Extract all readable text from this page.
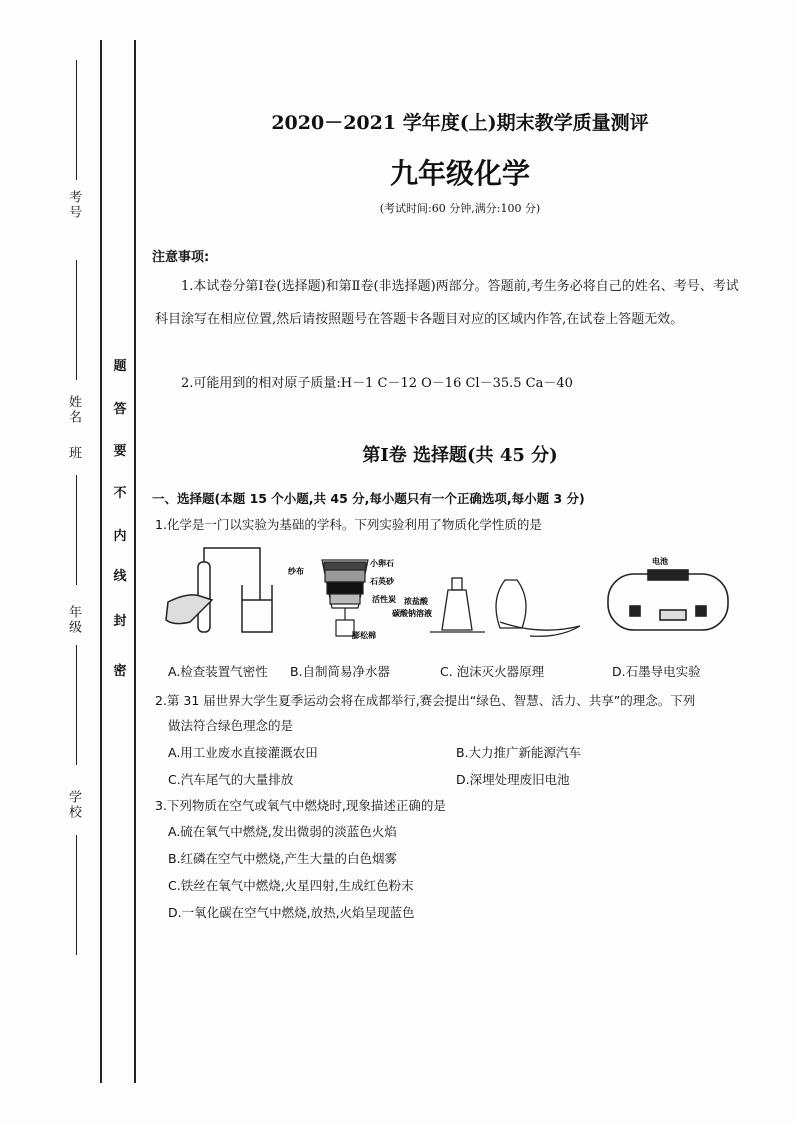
考号
姓名
班
年级
学校
密
封
线
内
不
要
答
题
2020－2021 学年度(上)期末教学质量测评
九年级化学
(考试时间:60 分钟,满分:100 分)
注意事项:
1.本试卷分第Ⅰ卷(选择题)和第Ⅱ卷(非选择题)两部分。答题前,考生务必将自己的姓名、考号、考试科目涂写在相应位置,然后请按照题号在答题卡各题目对应的区域内作答,在试卷上答题无效。
2.可能用到的相对原子质量:H－1 C－12 O－16 Cl－35.5 Ca－40
第Ⅰ卷 选择题(共 45 分)
一、选择题(本题 15 个小题,共 45 分,每小题只有一个正确选项,每小题 3 分)
1.化学是一门以实验为基础的学科。下列实验利用了物质化学性质的是
纱布
小卵石
石英砂
活性炭
膨松棉
浓盐酸
碳酸钠溶液
电池
A.检查装置气密性 B.自制简易净水器	C. 泡沫灭火器原理	D.石墨导电实验
2.第 31 届世界大学生夏季运动会将在成都举行,赛会提出“绿色、智慧、活力、共享”的理念。下列
做法符合绿色理念的是
A.用工业废水直接灌溉农田	B.大力推广新能源汽车
C.汽车尾气的大量排放	D.深埋处理废旧电池
3.下列物质在空气或氧气中燃烧时,现象描述正确的是
A.硫在氧气中燃烧,发出微弱的淡蓝色火焰
B.红磷在空气中燃烧,产生大量的白色烟雾
C.铁丝在氧气中燃烧,火星四射,生成红色粉末
D.一氧化碳在空气中燃烧,放热,火焰呈现蓝色
